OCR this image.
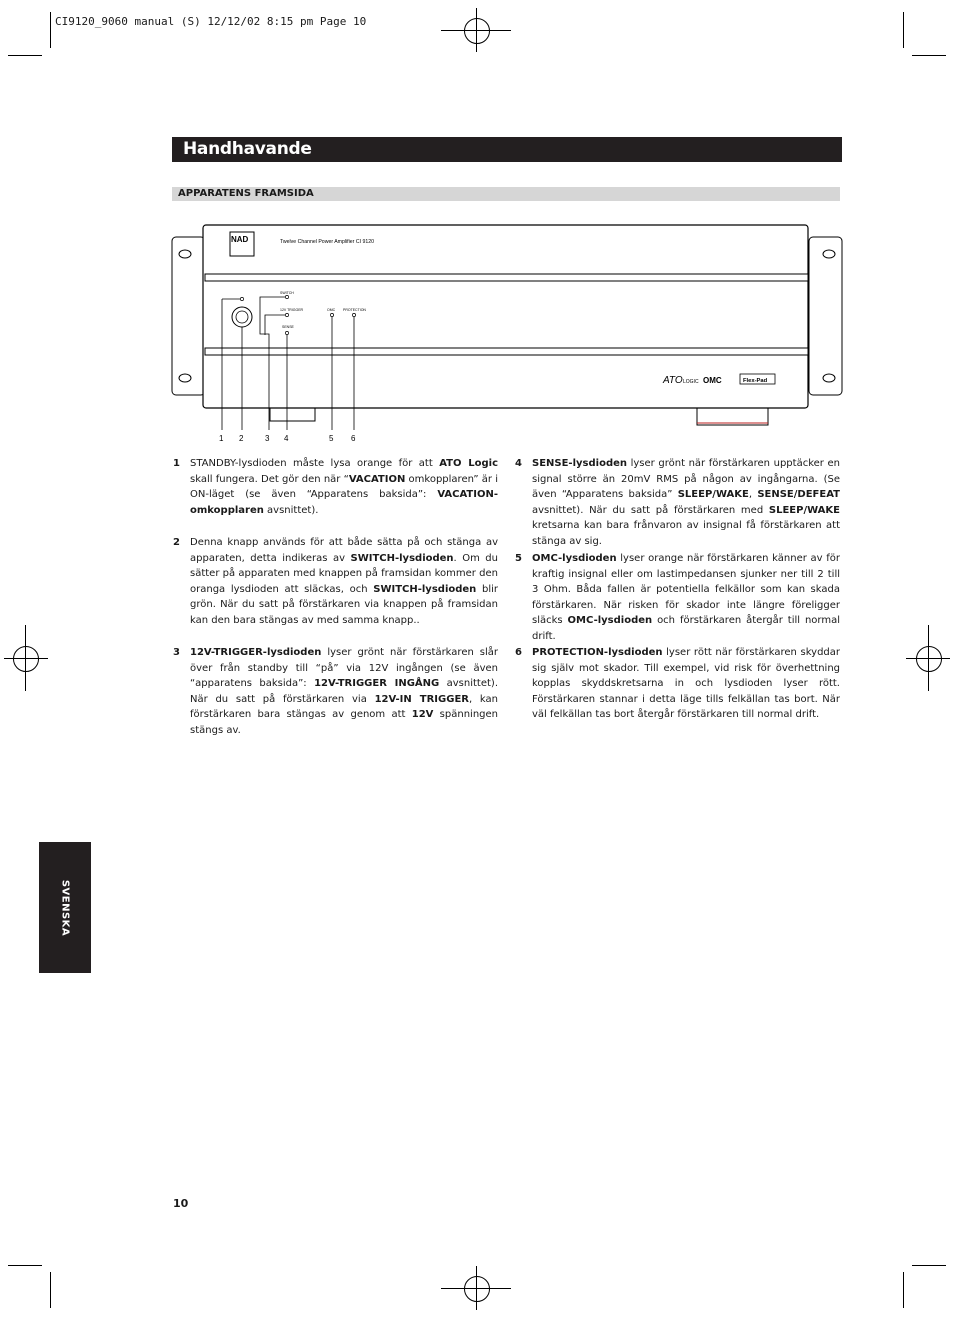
CI9120_9060 manual (S) 12/12/02 8:15 pm Page 10
Handhavande
APPARATENS FRAMSIDA
NAD	Twelve Channel Power Amplifier CI 9120
SWITCH
12V TRIGGER
SENSE
OMC PROTECTION
1 2	3 4	5 6
ATO LOGIC OMC	Flex-Pad
1 STANDBY-lysdioden måste lysa orange för att ATO Logic skall fungera. Det gör den när “VACATION omkopplaren” är i ON-läget (se även “Apparatens baksida”: VACATION-omkopplaren avsnittet).
2 Denna knapp används för att både sätta på och stänga av apparaten, detta indikeras av SWITCH-lysdioden. Om du sätter på apparaten med knappen på framsidan kommer den oranga lysdioden att släckas, och SWITCH-lysdioden blir grön. När du satt på förstärkaren via knappen på framsidan kan den bara stängas av med samma knapp..
3 12V-TRIGGER-lysdioden lyser grönt när förstärkaren slår över från standby till “på” via 12V ingången (se även “apparatens baksida”: 12V-TRIGGER INGÅNG avsnittet). När du satt på förstärkaren via 12V-IN TRIGGER, kan förstärkaren bara stängas av genom att 12V spänningen stängs av.
4 SENSE-lysdioden lyser grönt när förstärkaren upptäcker en signal större än 20mV RMS på någon av ingångarna. (Se även “Apparatens baksida” SLEEP/WAKE, SENSE/DEFEAT avsnittet). När du satt på förstärkaren med SLEEP/WAKE kretsarna kan bara frånvaron av insignal få förstärkaren att stänga av sig.
5 OMC-lysdioden lyser orange när förstärkaren känner av för kraftig insignal eller om lastimpedansen sjunker ner till 2 till 3 Ohm. Båda fallen är potentiella felkällor som kan skada förstärkaren. När risken för skador inte längre föreligger släcks OMC-lysdioden och förstärkaren återgår till normal drift.
6 PROTECTION-lysdioden lyser rött när förstärkaren skyddar sig själv mot skador. Till exempel, vid risk för överhettning kopplas skyddskretsarna in och lysdioden lyser rött. Förstärkaren stannar i detta läge tills felkällan tas bort. När väl felkällan tas bort återgår förstärkaren till normal drift.
SVENSKA
10
